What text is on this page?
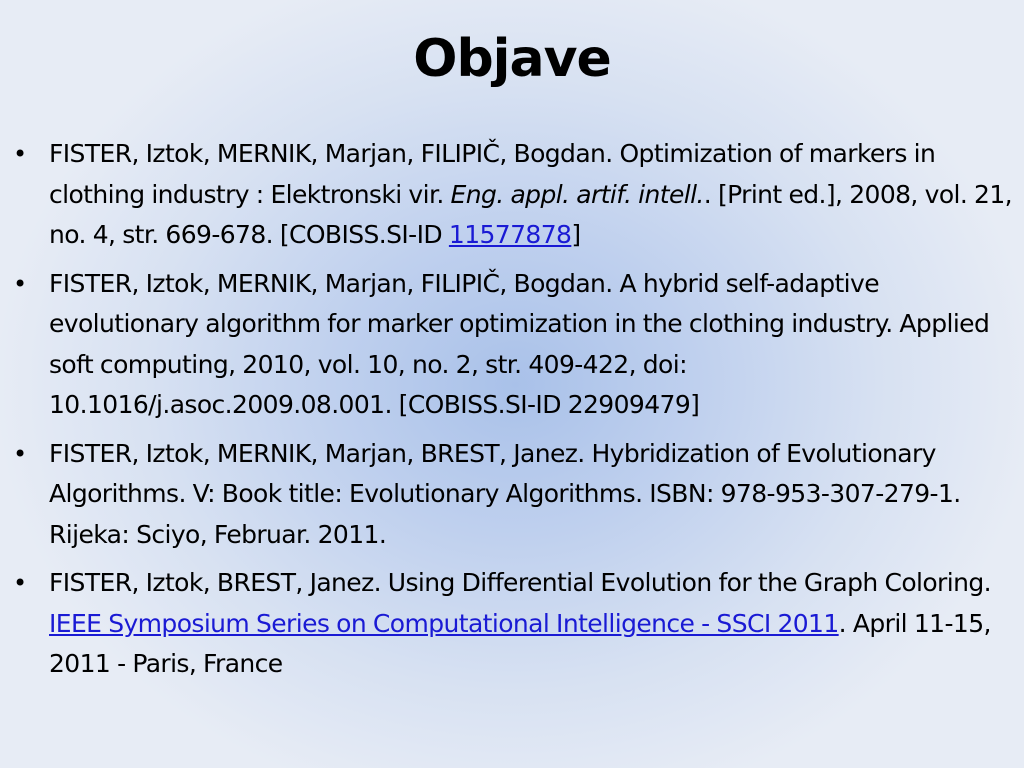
Objave
• FISTER, Iztok, MERNIK, Marjan, FILIPIČ, Bogdan. Optimization of markers in clothing industry : Elektronski vir. Eng. appl. artif. intell.. [Print ed.], 2008, vol. 21, no. 4, str. 669-678. [COBISS.SI-ID 11577878]
• FISTER, Iztok, MERNIK, Marjan, FILIPIČ, Bogdan. A hybrid self-adaptive evolutionary algorithm for marker optimization in the clothing industry. Applied soft computing, 2010, vol. 10, no. 2, str. 409-422, doi: 10.1016/j.asoc.2009.08.001. [COBISS.SI-ID 22909479]
• FISTER, Iztok, MERNIK, Marjan, BREST, Janez. Hybridization of Evolutionary Algorithms. V: Book title: Evolutionary Algorithms. ISBN: 978-953-307-279-1. Rijeka: Sciyo, Februar. 2011.
• FISTER, Iztok, BREST, Janez. Using Differential Evolution for the Graph Coloring. IEEE Symposium Series on Computational Intelligence - SSCI 2011. April 11-15, 2011 - Paris, France
